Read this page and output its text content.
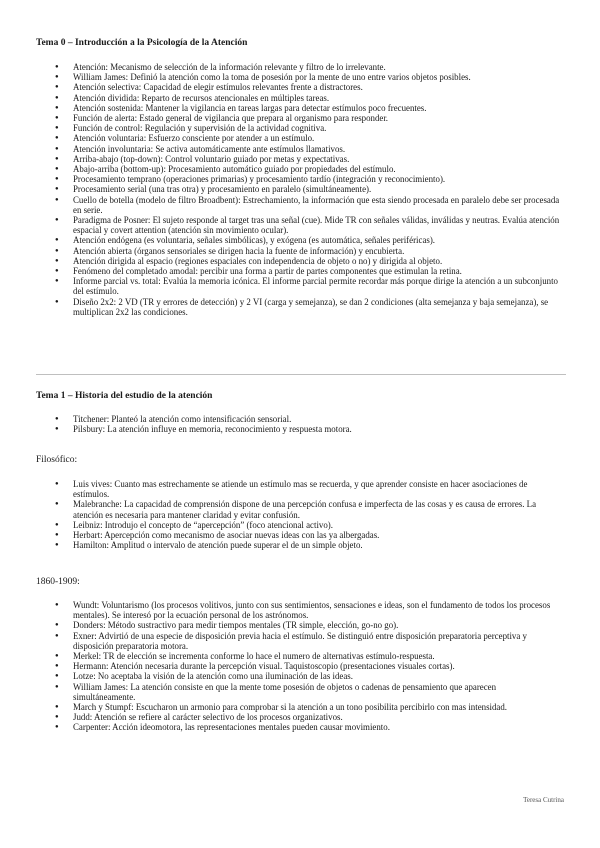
Tema 0 – Introducción a la Psicología de la Atención
● Atención: Mecanismo de selección de la información relevante y filtro de lo irrelevante.
● William James: Definió la atención como la toma de posesión por la mente de uno entre varios objetos posibles.
● Atención selectiva: Capacidad de elegir estímulos relevantes frente a distractores.
● Atención dividida: Reparto de recursos atencionales en múltiples tareas.
● Atención sostenida: Mantener la vigilancia en tareas largas para detectar estímulos poco frecuentes.
● Función de alerta: Estado general de vigilancia que prepara al organismo para responder.
● Función de control: Regulación y supervisión de la actividad cognitiva.
● Atención voluntaria: Esfuerzo consciente por atender a un estímulo.
● Atención involuntaria: Se activa automáticamente ante estímulos llamativos.
● Arriba-abajo (top-down): Control voluntario guiado por metas y expectativas.
● Abajo-arriba (bottom-up): Procesamiento automático guiado por propiedades del estímulo.
● Procesamiento temprano (operaciones primarias) y procesamiento tardío (integración y reconocimiento).
● Procesamiento serial (una tras otra) y procesamiento en paralelo (simultáneamente).
● Cuello de botella (modelo de filtro Broadbent): Estrechamiento, la información que esta siendo procesada en paralelo debe ser procesada en serie.
● Paradigma de Posner: El sujeto responde al target tras una señal (cue). Mide TR con señales válidas, inválidas y neutras. Evalúa atención espacial y covert attention (atención sin movimiento ocular).
● Atención endógena (es voluntaria, señales simbólicas), y exógena (es automática, señales periféricas).
● Atención abierta (órganos sensoriales se dirigen hacia la fuente de información) y encubierta.
● Atención dirigida al espacio (regiones espaciales con independencia de objeto o no) y dirigida al objeto.
● Fenómeno del completado amodal: percibir una forma a partir de partes componentes que estimulan la retina.
● Informe parcial vs. total: Evalúa la memoria icónica. El informe parcial permite recordar más porque dirige la atención a un subconjunto del estímulo.
● Diseño 2x2: 2 VD (TR y errores de detección) y 2 VI (carga y semejanza), se dan 2 condiciones (alta semejanza y baja semejanza), se multiplican 2x2 las condiciones.
Tema 1 – Historia del estudio de la atención
● Titchener: Planteó la atención como intensificación sensorial.
● Pilsbury: La atención influye en memoria, reconocimiento y respuesta motora.
Filosófico:
● Luis vives: Cuanto mas estrechamente se atiende un estímulo mas se recuerda, y que aprender consiste en hacer asociaciones de estímulos.
● Malebranche: La capacidad de comprensión dispone de una percepción confusa e imperfecta de las cosas y es causa de errores. La atención es necesaria para mantener claridad y evitar confusión.
● Leibniz: Introdujo el concepto de “apercepción” (foco atencional activo).
● Herbart: Apercepción como mecanismo de asociar nuevas ideas con las ya albergadas.
● Hamilton: Amplitud o intervalo de atención puede superar el de un simple objeto.
1860-1909:
● Wundt: Voluntarismo (los procesos volitivos, junto con sus sentimientos, sensaciones e ideas, son el fundamento de todos los procesos mentales). Se interesó por la ecuación personal de los astrónomos.
● Donders: Método sustractivo para medir tiempos mentales (TR simple, elección, go-no go).
● Exner: Advirtió de una especie de disposición previa hacia el estímulo. Se distinguió entre disposición preparatoria perceptiva y disposición preparatoria motora.
● Merkel: TR de elección se incrementa conforme lo hace el numero de alternativas estímulo-respuesta.
● Hermann: Atención necesaria durante la percepción visual. Taquistoscopio (presentaciones visuales cortas).
● Lotze: No aceptaba la visión de la atención como una iluminación de las ideas.
● William James: La atención consiste en que la mente tome posesión de objetos o cadenas de pensamiento que aparecen simultáneamente.
● March y Stumpf: Escucharon un armonio para comprobar si la atención a un tono posibilita percibirlo con mas intensidad.
● Judd: Atención se refiere al carácter selectivo de los procesos organizativos.
● Carpenter: Acción ideomotora, las representaciones mentales pueden causar movimiento.
Teresa Cutrina
